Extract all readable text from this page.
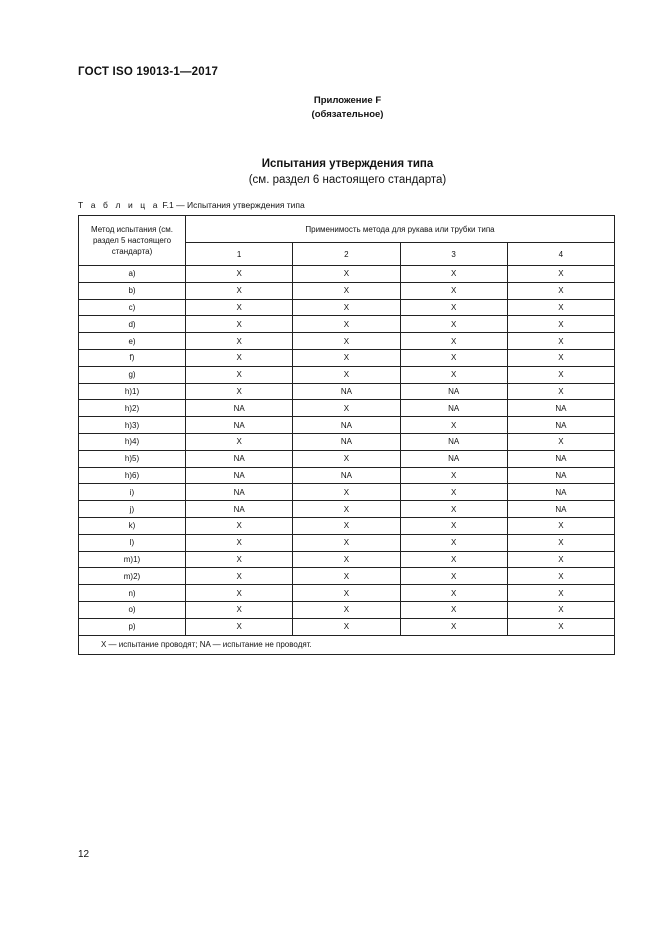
ГОСТ ISO 19013-1—2017
Приложение F
(обязательное)
Испытания утверждения типа
(см. раздел 6 настоящего стандарта)
Т а б л и ц а F.1 — Испытания утверждения типа
Метод испытания (см. раздел 5 настоящего стандарта)	Применимость метода для рукава или трубки типа			
	1	2	3	4
a)	X	X	X	X
b)	X	X	X	X
c)	X	X	X	X
d)	X	X	X	X
e)	X	X	X	X
f)	X	X	X	X
g)	X	X	X	X
h)1)	X	NA	NA	X
h)2)	NA	X	NA	NA
h)3)	NA	NA	X	NA
h)4)	X	NA	NA	X
h)5)	NA	X	NA	NA
h)6)	NA	NA	X	NA
i)	NA	X	X	NA
j)	NA	X	X	NA
k)	X	X	X	X
l)	X	X	X	X
m)1)	X	X	X	X
m)2)	X	X	X	X
n)	X	X	X	X
o)	X	X	X	X
p)	X	X	X	X
X — испытание проводят; NA — испытание не проводят.				
12
